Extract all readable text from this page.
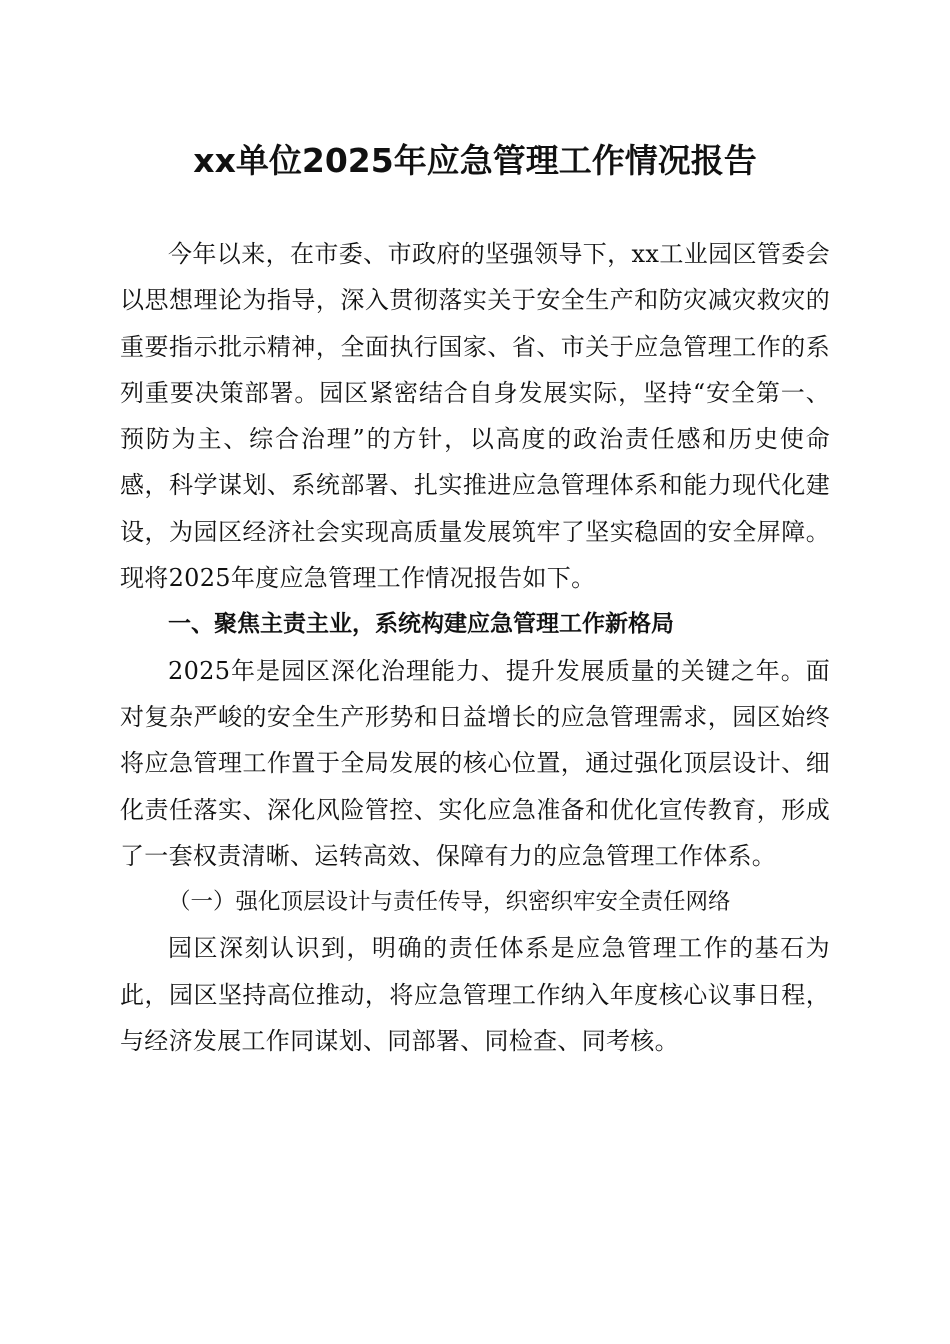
xx单位2025年应急管理工作情况报告

今年以来，在市委、市政府的坚强领导下，xx工业园区管委会以思想理论为指导，深入贯彻落实关于安全生产和防灾减灾救灾的重要指示批示精神，全面执行国家、省、市关于应急管理工作的系列重要决策部署。园区紧密结合自身发展实际，坚持“安全第一、预防为主、综合治理”的方针，以高度的政治责任感和历史使命感，科学谋划、系统部署、扎实推进应急管理体系和能力现代化建设，为园区经济社会实现高质量发展筑牢了坚实稳固的安全屏障。现将2025年度应急管理工作情况报告如下。

一、聚焦主责主业，系统构建应急管理工作新格局

2025年是园区深化治理能力、提升发展质量的关键之年。面对复杂严峻的安全生产形势和日益增长的应急管理需求，园区始终将应急管理工作置于全局发展的核心位置，通过强化顶层设计、细化责任落实、深化风险管控、实化应急准备和优化宣传教育，形成了一套权责清晰、运转高效、保障有力的应急管理工作体系。

（一）强化顶层设计与责任传导，织密织牢安全责任网络

园区深刻认识到，明确的责任体系是应急管理工作的基石为此，园区坚持高位推动，将应急管理工作纳入年度核心议事日程，与经济发展工作同谋划、同部署、同检查、同考核。
